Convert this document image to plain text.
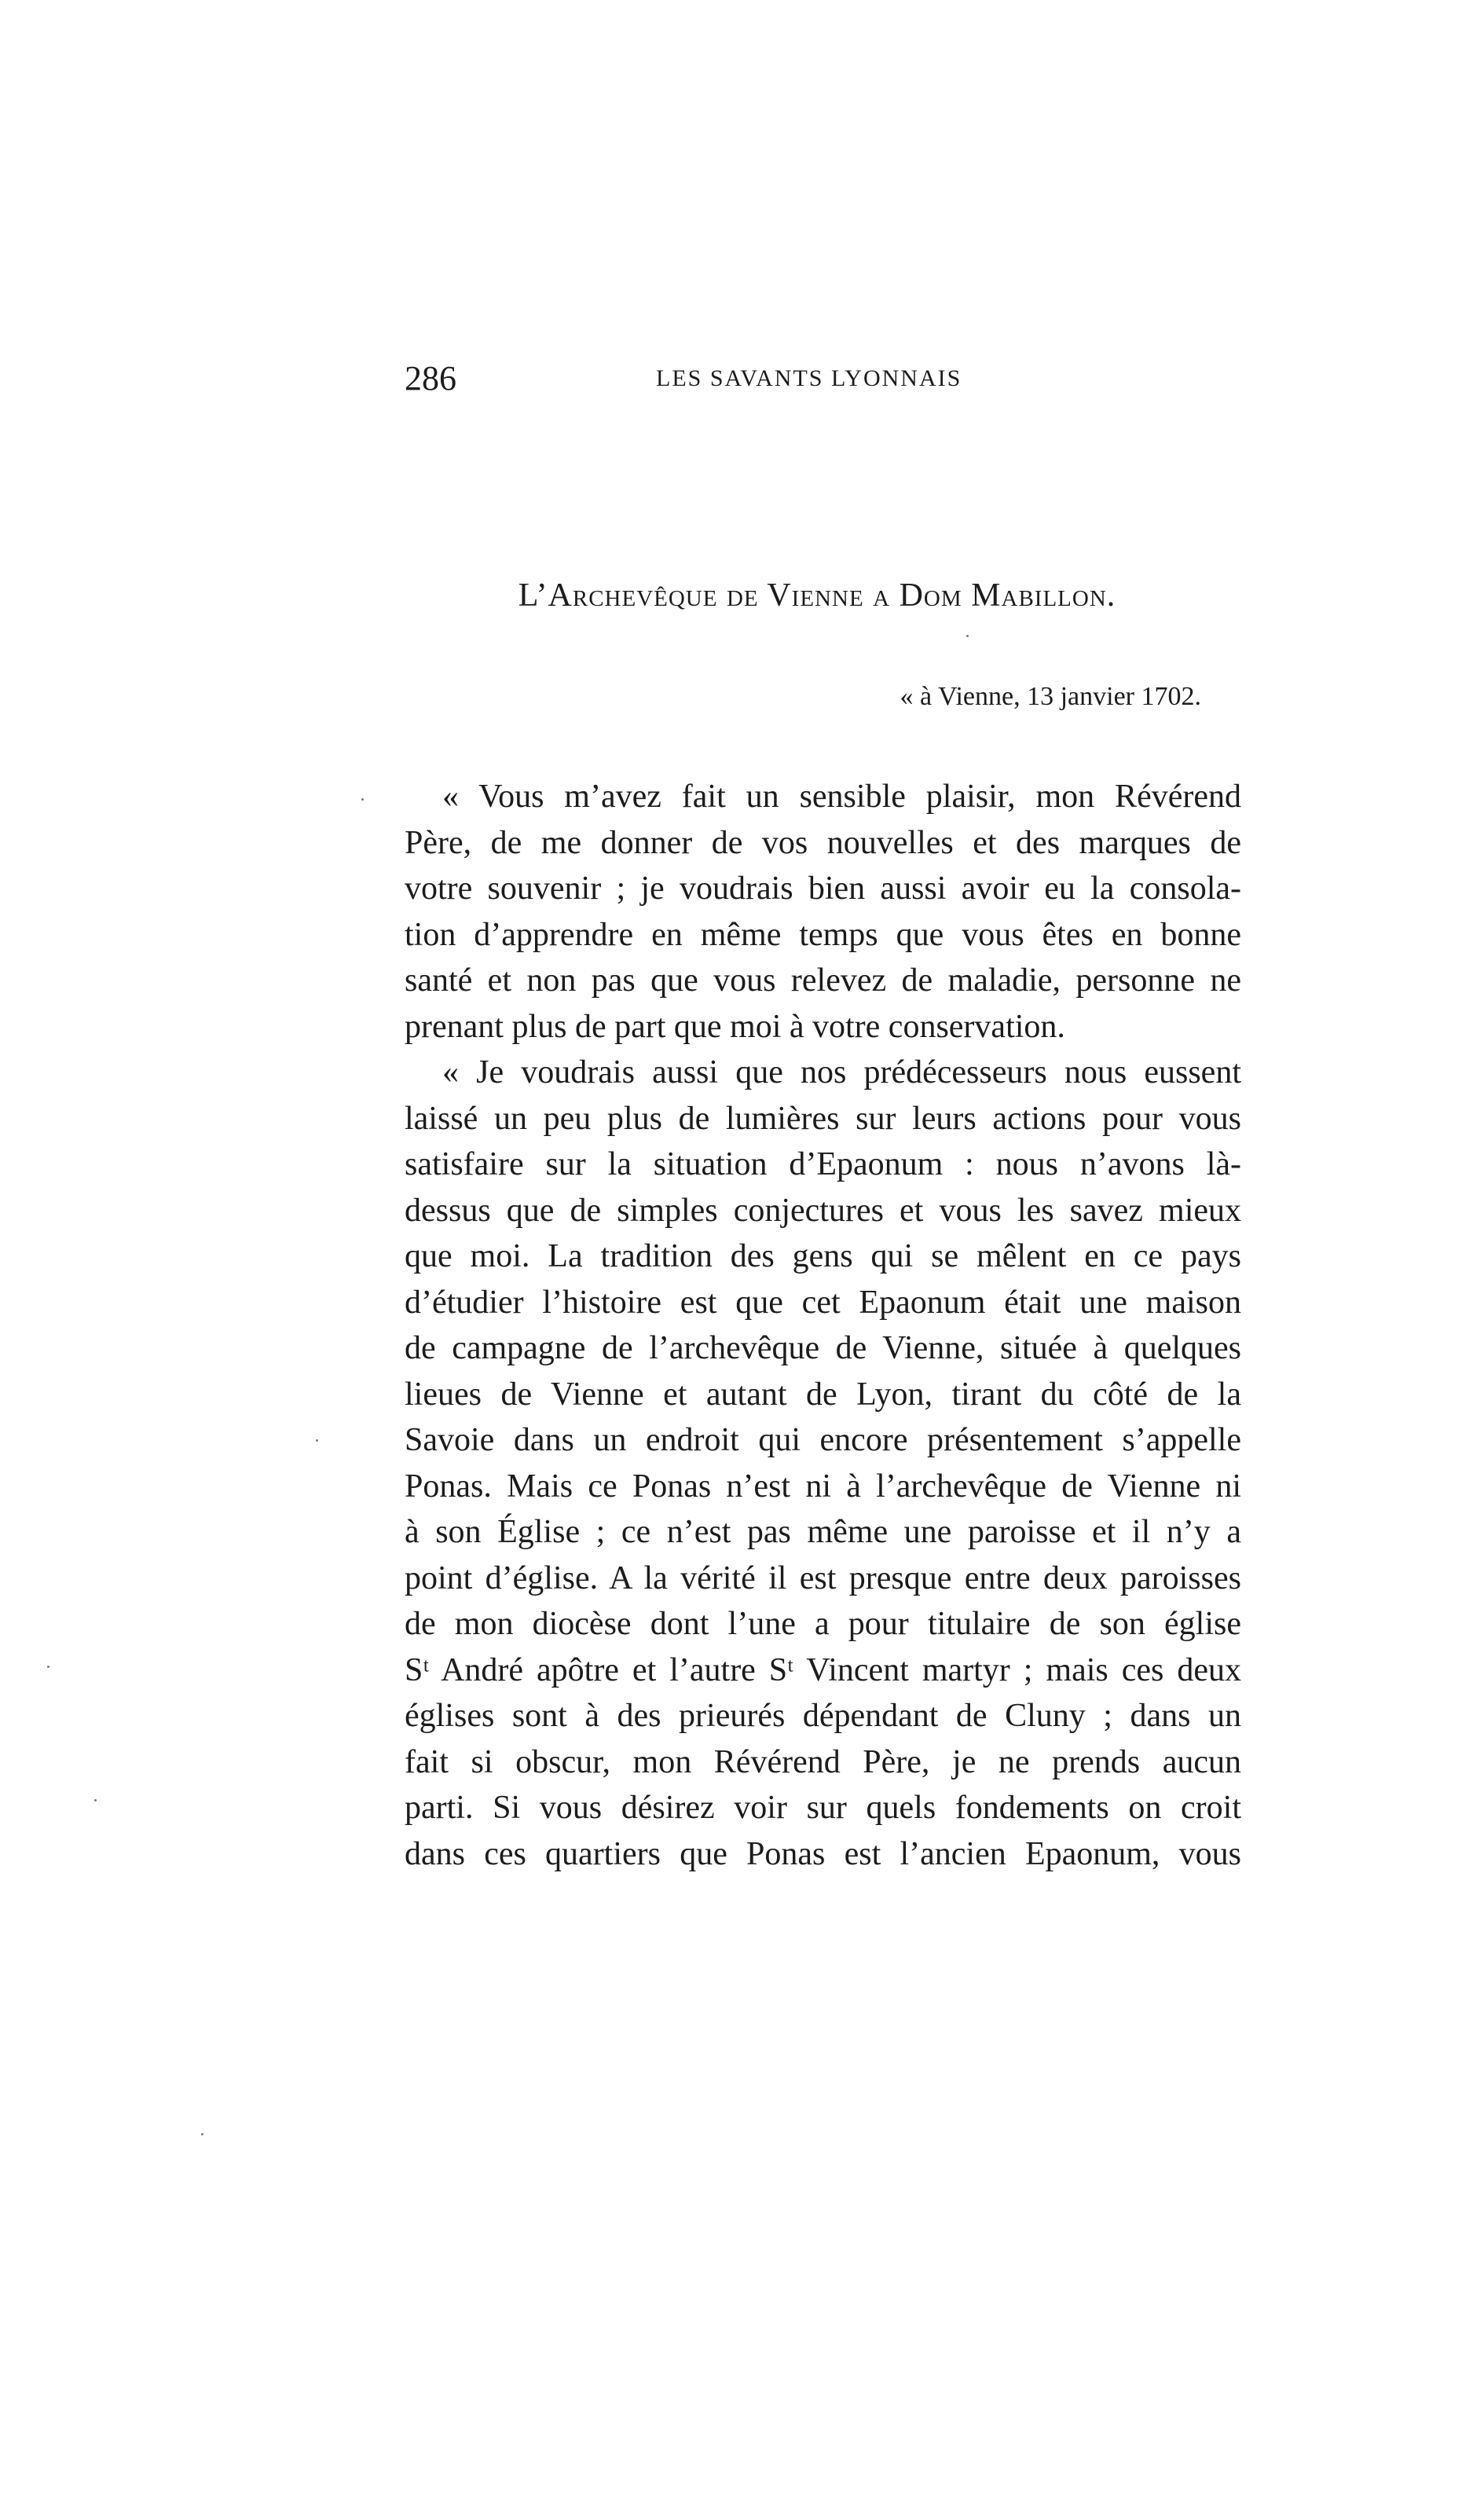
286	LES SAVANTS LYONNAIS
L’Archevêque de Vienne a Dom Mabillon.
« à Vienne, 13 janvier 1702.
« Vous m’avez fait un sensible plaisir, mon Révérend
Père, de me donner de vos nouvelles et des marques de
votre souvenir ; je voudrais bien aussi avoir eu la consola-
tion d’apprendre en même temps que vous êtes en bonne
santé et non pas que vous relevez de maladie, personne ne
prenant plus de part que moi à votre conservation.
« Je voudrais aussi que nos prédécesseurs nous eussent
laissé un peu plus de lumières sur leurs actions pour vous
satisfaire sur la situation d’Epaonum : nous n’avons là-
dessus que de simples conjectures et vous les savez mieux
que moi. La tradition des gens qui se mêlent en ce pays
d’étudier l’histoire est que cet Epaonum était une maison
de campagne de l’archevêque de Vienne, située à quelques
lieues de Vienne et autant de Lyon, tirant du côté de la
Savoie dans un endroit qui encore présentement s’appelle
Ponas. Mais ce Ponas n’est ni à l’archevêque de Vienne ni
à son Église ; ce n’est pas même une paroisse et il n’y a
point d’église. A la vérité il est presque entre deux paroisses
de mon diocèse dont l’une a pour titulaire de son église
Sᵗ André apôtre et l’autre Sᵗ Vincent martyr ; mais ces deux
églises sont à des prieurés dépendant de Cluny ; dans un
fait si obscur, mon Révérend Père, je ne prends aucun
parti. Si vous désirez voir sur quels fondements on croit
dans ces quartiers que Ponas est l’ancien Epaonum, vous
